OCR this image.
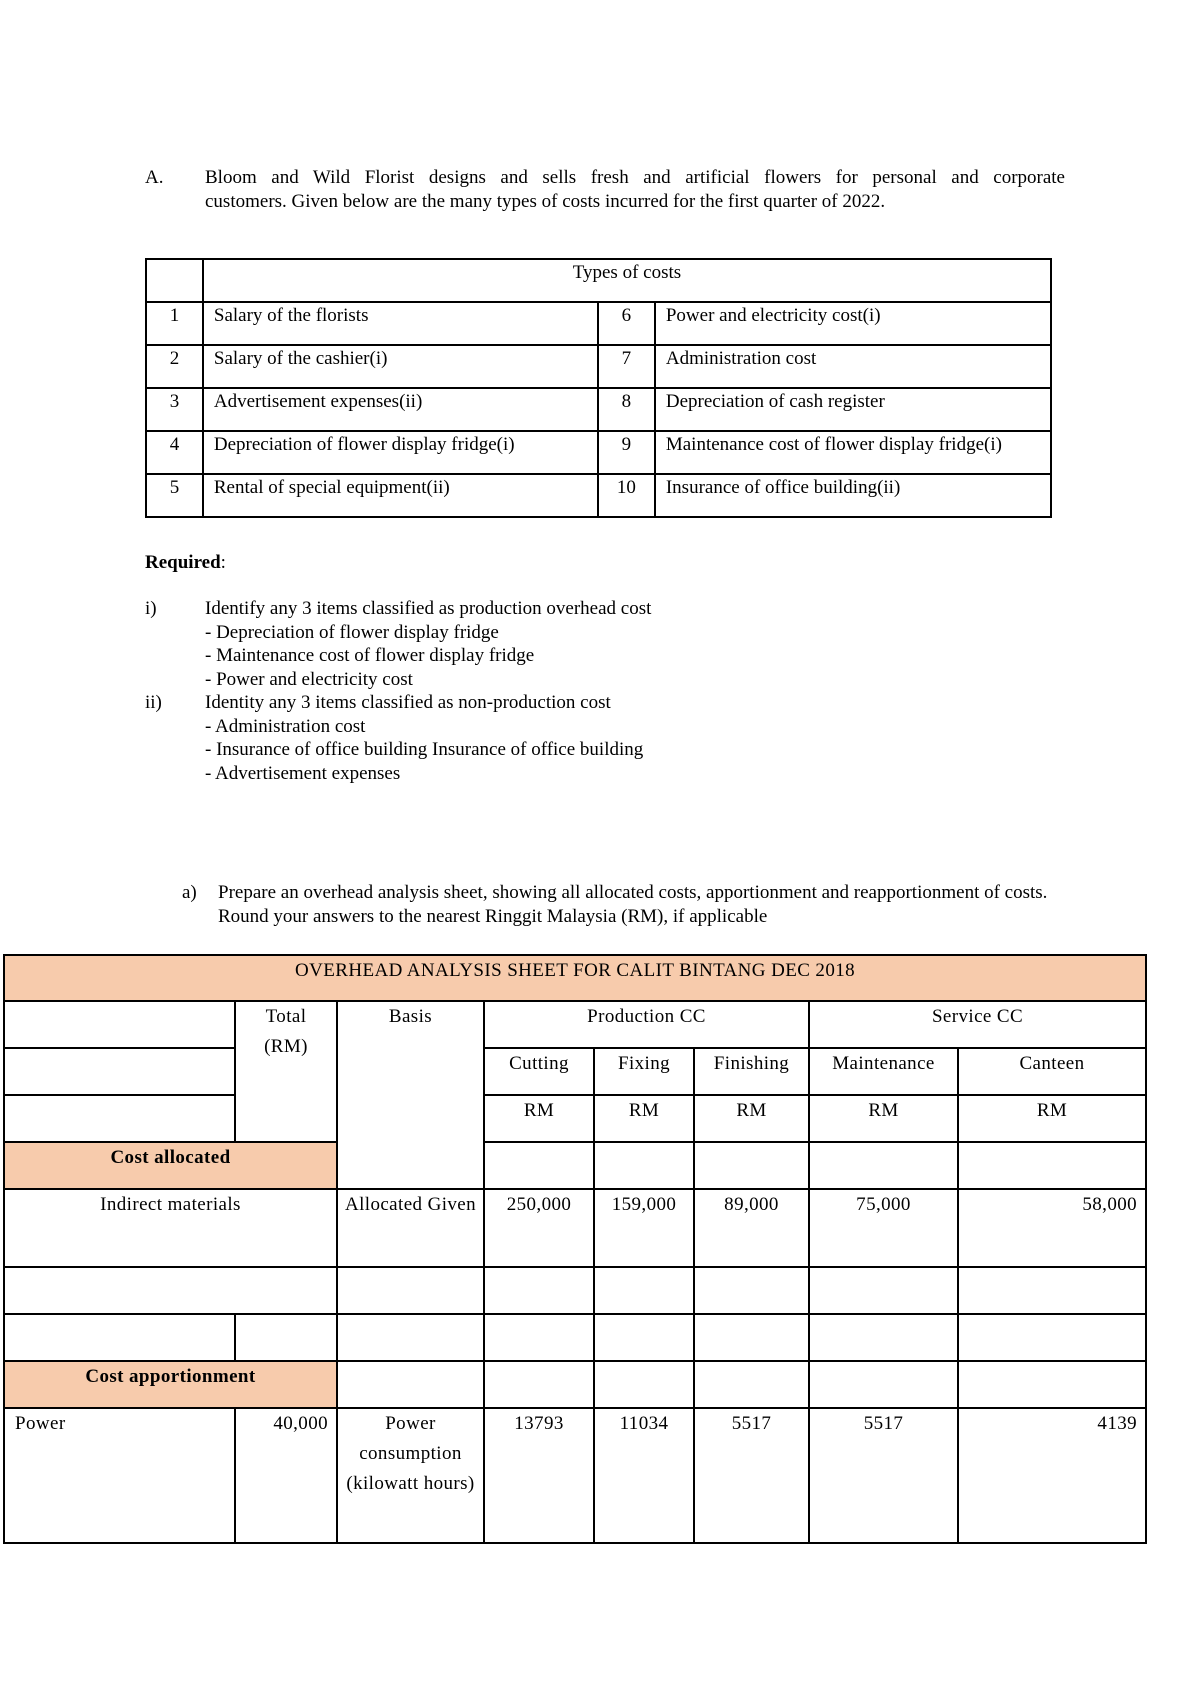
A. Bloom and Wild Florist designs and sells fresh and artificial flowers for personal and corporate
customers. Given below are the many types of costs incurred for the first quarter of 2022.
	Types of costs		
1	Salary of the florists	6	Power and electricity cost(i)
2	Salary of the cashier(i)	7	Administration cost
3	Advertisement expenses(ii)	8	Depreciation of cash register
4	Depreciation of flower display fridge(i)	9	Maintenance cost of flower display fridge(i)
5	Rental of special equipment(ii)	10	Insurance of office building(ii)
Required:
i)	Identify any 3 items classified as production overhead cost
- Depreciation of flower display fridge
- Maintenance cost of flower display fridge
- Power and electricity cost
ii) Identity any 3 items classified as non-production cost
- Administration cost
- Insurance of office building Insurance of office building
- Advertisement expenses
a) Prepare an overhead analysis sheet, showing all allocated costs, apportionment and reapportionment of costs. Round your answers to the nearest Ringgit Malaysia (RM), if applicable
OVERHEAD ANALYSIS SHEET FOR CALIT BINTANG DEC 2018							
	Total (RM)	Basis	Production CC			Service CC	
			Cutting	Fixing	Finishing	Maintenance	Canteen
			RM	RM	RM	RM	RM
Cost allocated							
Indirect materials		Allocated Given	250,000	159,000	89,000	75,000	58,000

Cost apportionment							
Power	40,000	Power consumption (kilowatt hours)	13793	11034	5517	5517	4139
